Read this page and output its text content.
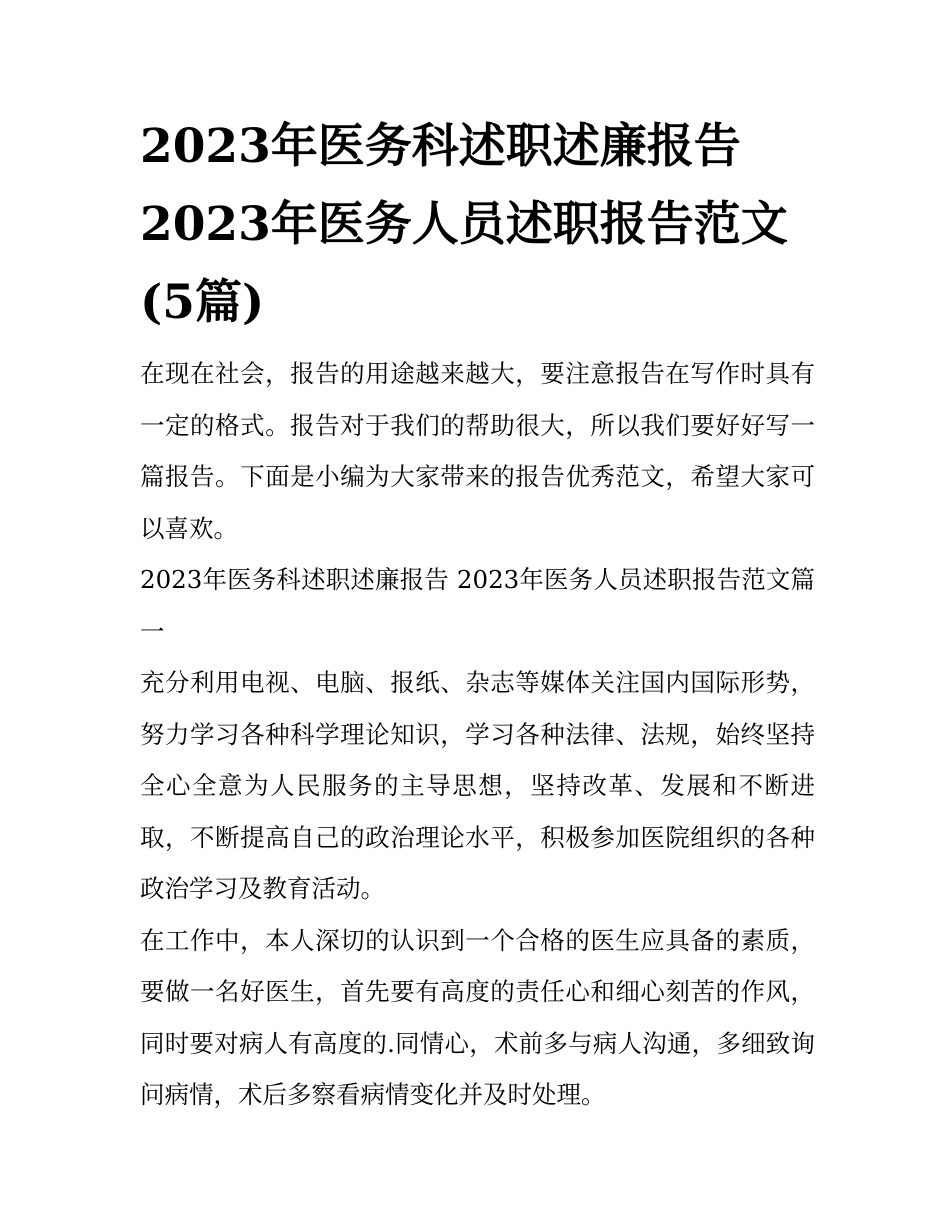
2023年医务科述职述廉报告
2023年医务人员述职报告范文
(5篇)

在现在社会，报告的用途越来越大，要注意报告在写作时具有一定的格式。报告对于我们的帮助很大，所以我们要好好写一篇报告。下面是小编为大家带来的报告优秀范文，希望大家可以喜欢。

2023年医务科述职述廉报告 2023年医务人员述职报告范文篇一

充分利用电视、电脑、报纸、杂志等媒体关注国内国际形势，努力学习各种科学理论知识，学习各种法律、法规，始终坚持全心全意为人民服务的主导思想，坚持改革、发展和不断进取，不断提高自己的政治理论水平，积极参加医院组织的各种政治学习及教育活动。

在工作中，本人深切的认识到一个合格的医生应具备的素质，要做一名好医生，首先要有高度的责任心和细心刻苦的作风，同时要对病人有高度的.同情心，术前多与病人沟通，多细致询问病情，术后多察看病情变化并及时处理。
